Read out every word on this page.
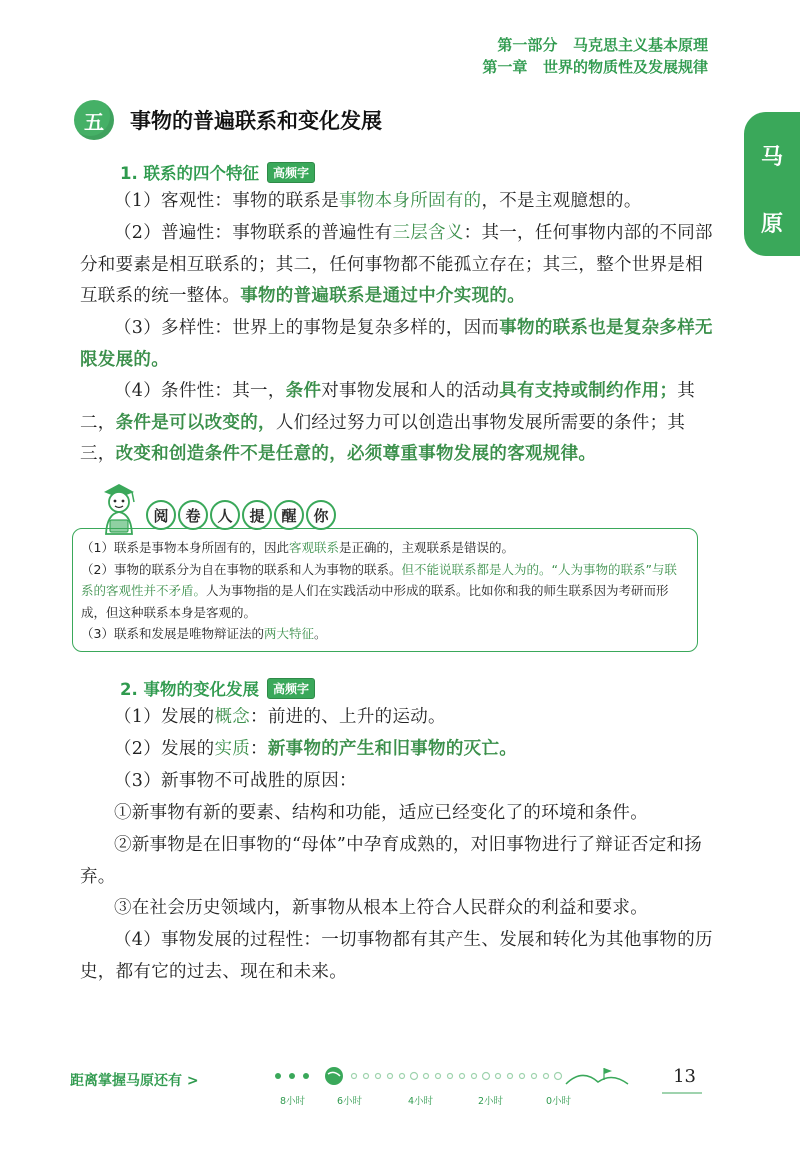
第一部分   马克思主义基本原理
第一章   世界的物质性及发展规律
马
原
五	事物的普遍联系和变化发展
1. 联系的四个特征	高频字

（1）客观性：事物的联系是事物本身所固有的，不是主观臆想的。

（2）普遍性：事物联系的普遍性有三层含义：其一，任何事物内部的不同部分和要素是相互联系的；其二，任何事物都不能孤立存在；其三，整个世界是相互联系的统一整体。事物的普遍联系是通过中介实现的。

（3）多样性：世界上的事物是复杂多样的，因而事物的联系也是复杂多样无限发展的。

（4）条件性：其一，条件对事物发展和人的活动具有支持或制约作用；其二，条件是可以改变的，人们经过努力可以创造出事物发展所需要的条件；其三，改变和创造条件不是任意的，必须尊重事物发展的客观规律。

阅	卷	人	提	醒	你

（1）联系是事物本身所固有的，因此客观联系是正确的，主观联系是错误的。

（2）事物的联系分为自在事物的联系和人为事物的联系。但不能说联系都是人为的。“人为事物的联系”与联系的客观性并不矛盾。人为事物指的是人们在实践活动中形成的联系。比如你和我的师生联系因为考研而形成，但这种联系本身是客观的。

（3）联系和发展是唯物辩证法的两大特征。

2. 事物的变化发展	高频字

（1）发展的概念：前进的、上升的运动。

（2）发展的实质：新事物的产生和旧事物的灭亡。

（3）新事物不可战胜的原因：

①新事物有新的要素、结构和功能，适应已经变化了的环境和条件。

②新事物是在旧事物的“母体”中孕育成熟的，对旧事物进行了辩证否定和扬弃。

③在社会历史领域内，新事物从根本上符合人民群众的利益和要求。

（4）事物发展的过程性：一切事物都有其产生、发展和转化为其他事物的历史，都有它的过去、现在和未来。

距离掌握马原还有 >
8小时	6小时	4小时	2小时	0小时
13
